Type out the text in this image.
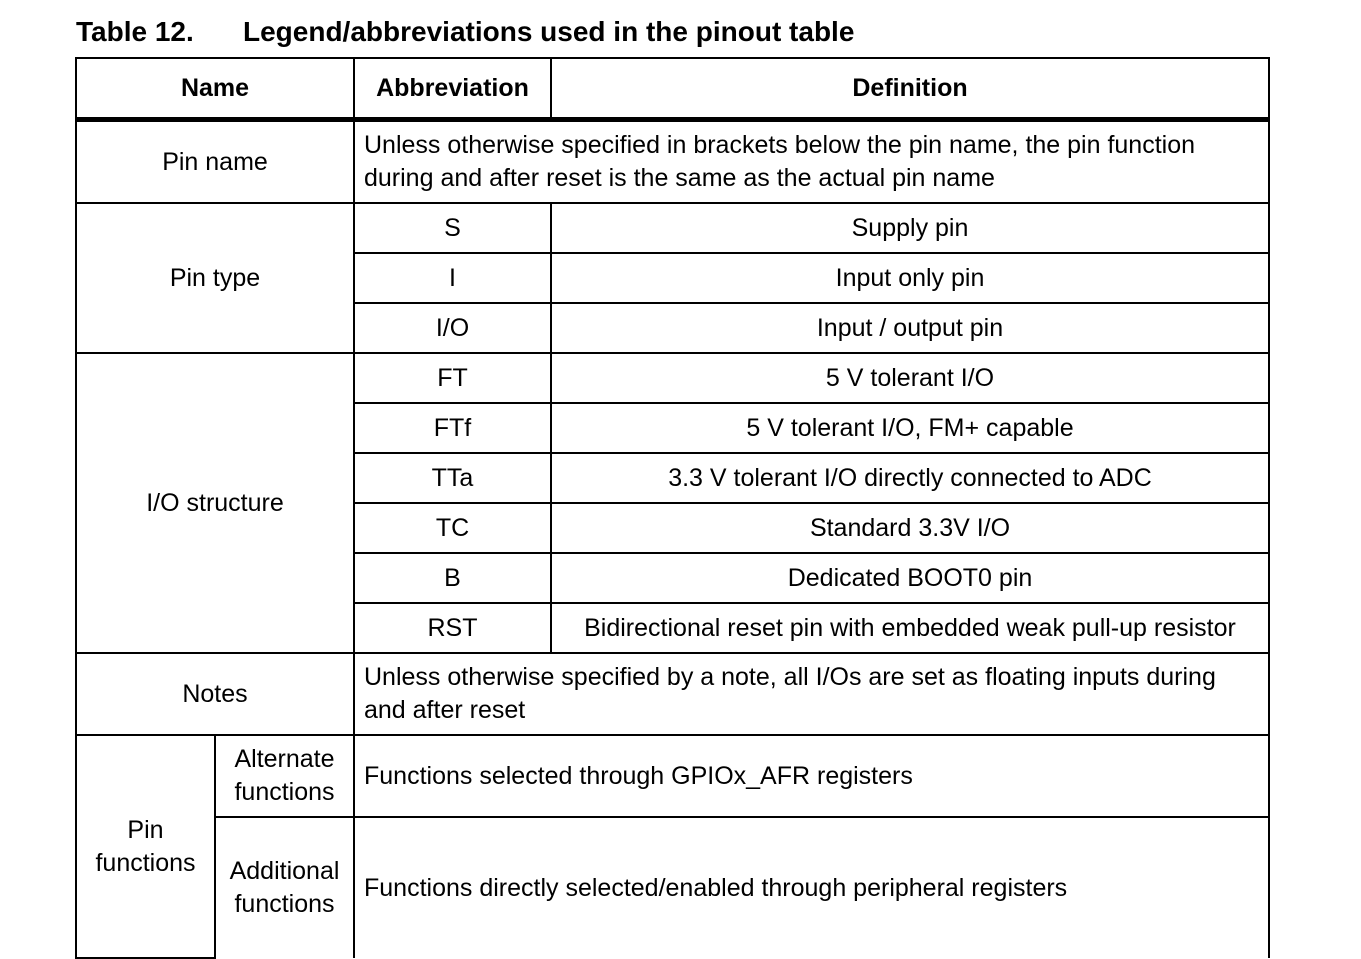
Table 12. Legend/abbreviations used in the pinout table
Name		Abbreviation	Definition
Pin name		Unless otherwise specified in brackets below the pin name, the pin function during and after reset is the same as the actual pin name	
Pin type		S	Supply pin
		I	Input only pin
		I/O	Input / output pin
I/O structure		FT	5 V tolerant I/O
		FTf	5 V tolerant I/O, FM+ capable
		TTa	3.3 V tolerant I/O directly connected to ADC
		TC	Standard 3.3V I/O
		B	Dedicated BOOT0 pin
		RST	Bidirectional reset pin with embedded weak pull-up resistor
Notes		Unless otherwise specified by a note, all I/Os are set as floating inputs during and after reset	
Pin functions	Alternate functions	Functions selected through GPIOx_AFR registers	
	Additional functions	Functions directly selected/enabled through peripheral registers	
